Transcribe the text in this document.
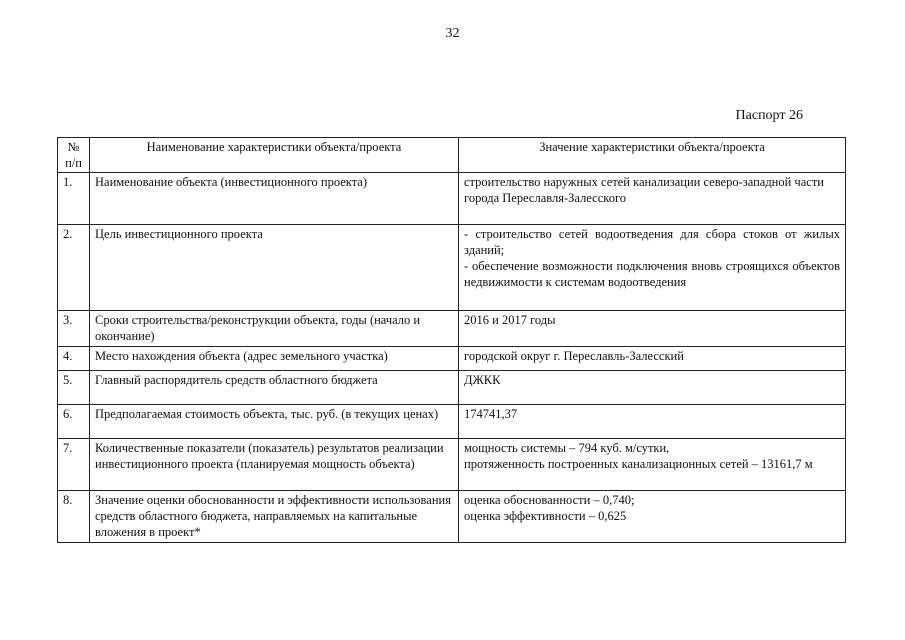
32
Паспорт 26
№
п/п	Наименование характеристики объекта/проекта	Значение характеристики объекта/проекта
1.	Наименование объекта (инвестиционного проекта)	строительство наружных сетей канализации северо-западной части города Переславля-Залесского

2.	Цель инвестиционного проекта	- строительство сетей водоотведения для сбора стоков от жилых зданий;
- обеспечение возможности подключения вновь строящихся объектов недвижимости к системам водоотведения

3.	Сроки строительства/реконструкции объекта, годы (начало и окончание)	2016 и 2017 годы

4.	Место нахождения объекта (адрес земельного участка)	городской округ г. Переславль-Залесский

5.	Главный распорядитель средств областного бюджета	ДЖКК

6.	Предполагаемая стоимость объекта, тыс. руб. (в текущих ценах)	174741,37

7.	Количественные показатели (показатель) результатов реализации инвестиционного проекта (планируемая мощность объекта)	мощность системы – 794 куб. м/сутки,
протяженность построенных канализационных сетей – 13161,7 м

8.	Значение оценки обоснованности и эффективности использования средств областного бюджета, направляемых на капитальные вложения в проект*	оценка обоснованности – 0,740;
оценка эффективности – 0,625
